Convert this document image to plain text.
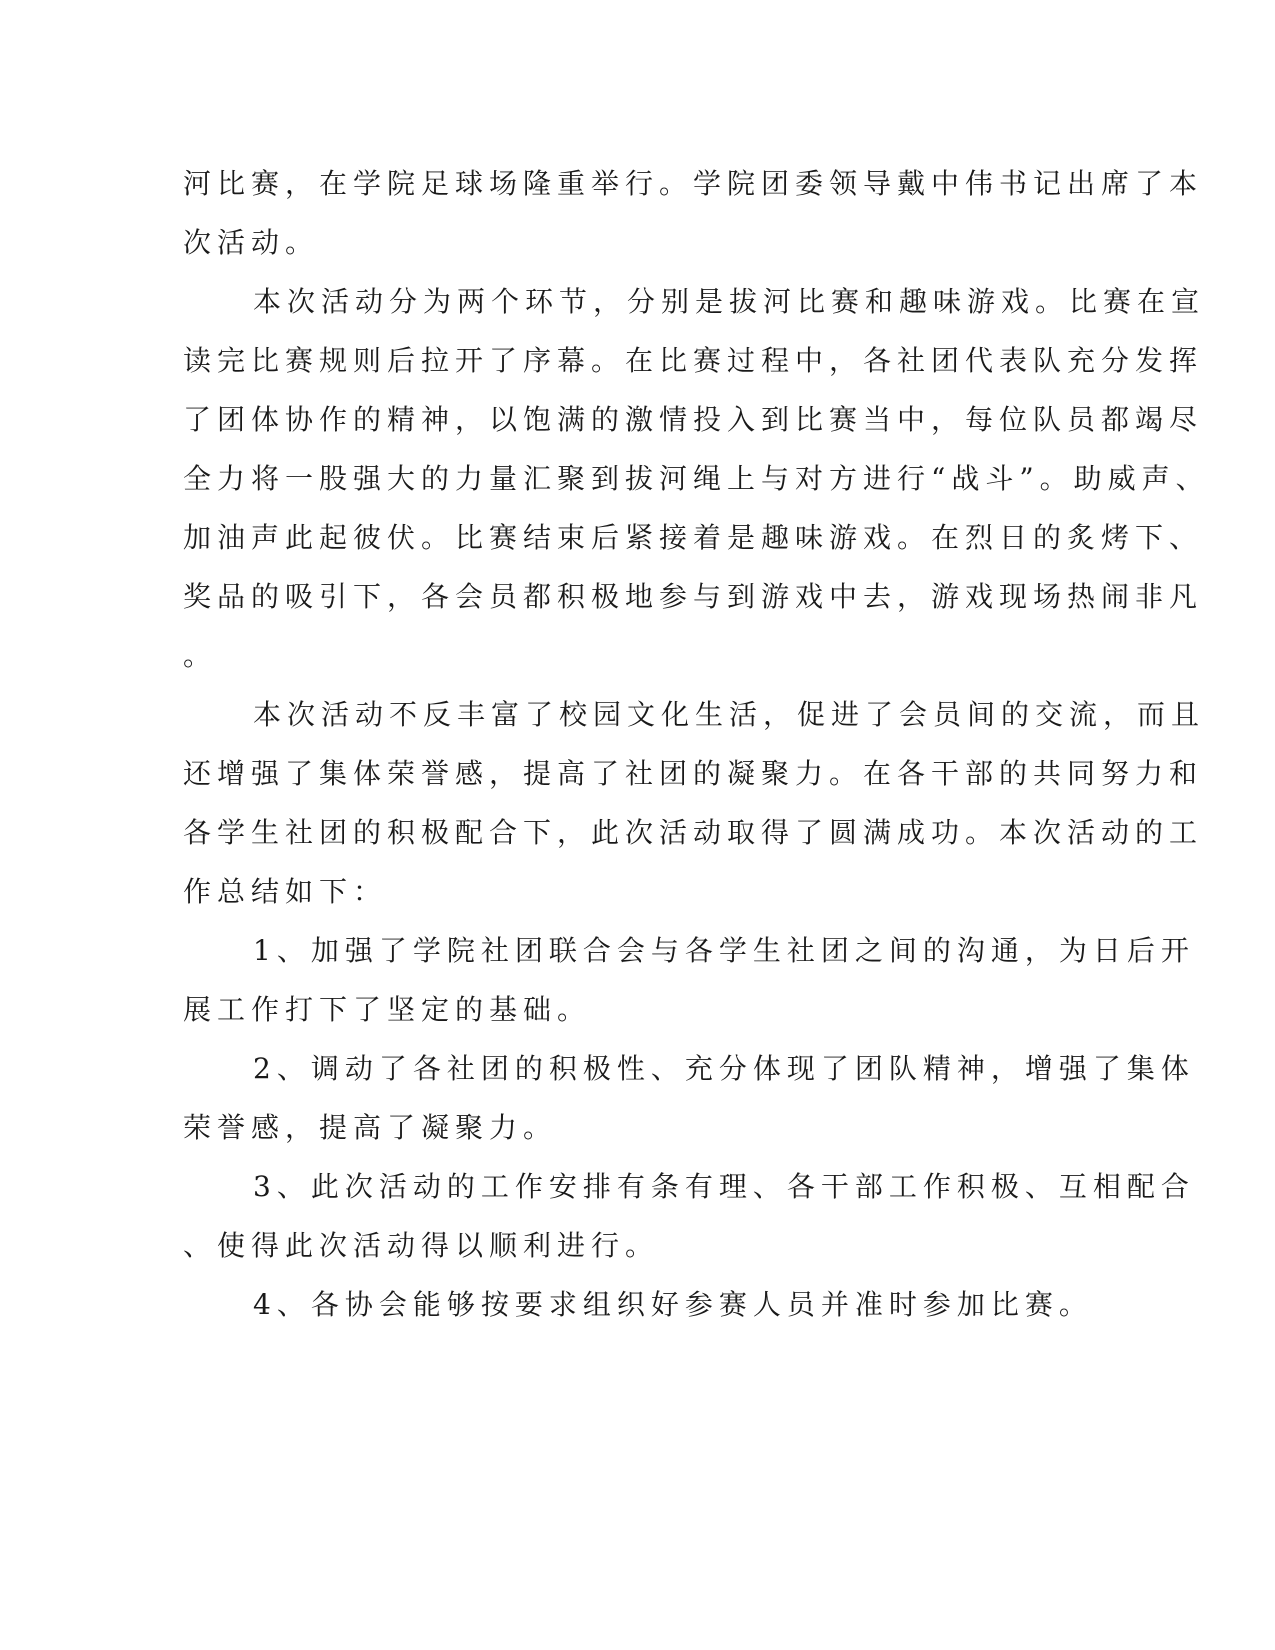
河比赛，在学院足球场隆重举行。学院团委领导戴中伟书记出席了本
次活动。
本次活动分为两个环节，分别是拔河比赛和趣味游戏。比赛在宣
读完比赛规则后拉开了序幕。在比赛过程中，各社团代表队充分发挥
了团体协作的精神，以饱满的激情投入到比赛当中，每位队员都竭尽
全力将一股强大的力量汇聚到拔河绳上与对方进行“战斗”。助威声、
加油声此起彼伏。比赛结束后紧接着是趣味游戏。在烈日的炙烤下、
奖品的吸引下，各会员都积极地参与到游戏中去，游戏现场热闹非凡
。
本次活动不反丰富了校园文化生活，促进了会员间的交流，而且
还增强了集体荣誉感，提高了社团的凝聚力。在各干部的共同努力和
各学生社团的积极配合下，此次活动取得了圆满成功。本次活动的工
作总结如下：
1、加强了学院社团联合会与各学生社团之间的沟通，为日后开
展工作打下了坚定的基础。
2、调动了各社团的积极性、充分体现了团队精神，增强了集体
荣誉感，提高了凝聚力。
3、此次活动的工作安排有条有理、各干部工作积极、互相配合
、使得此次活动得以顺利进行。
4、各协会能够按要求组织好参赛人员并准时参加比赛。
